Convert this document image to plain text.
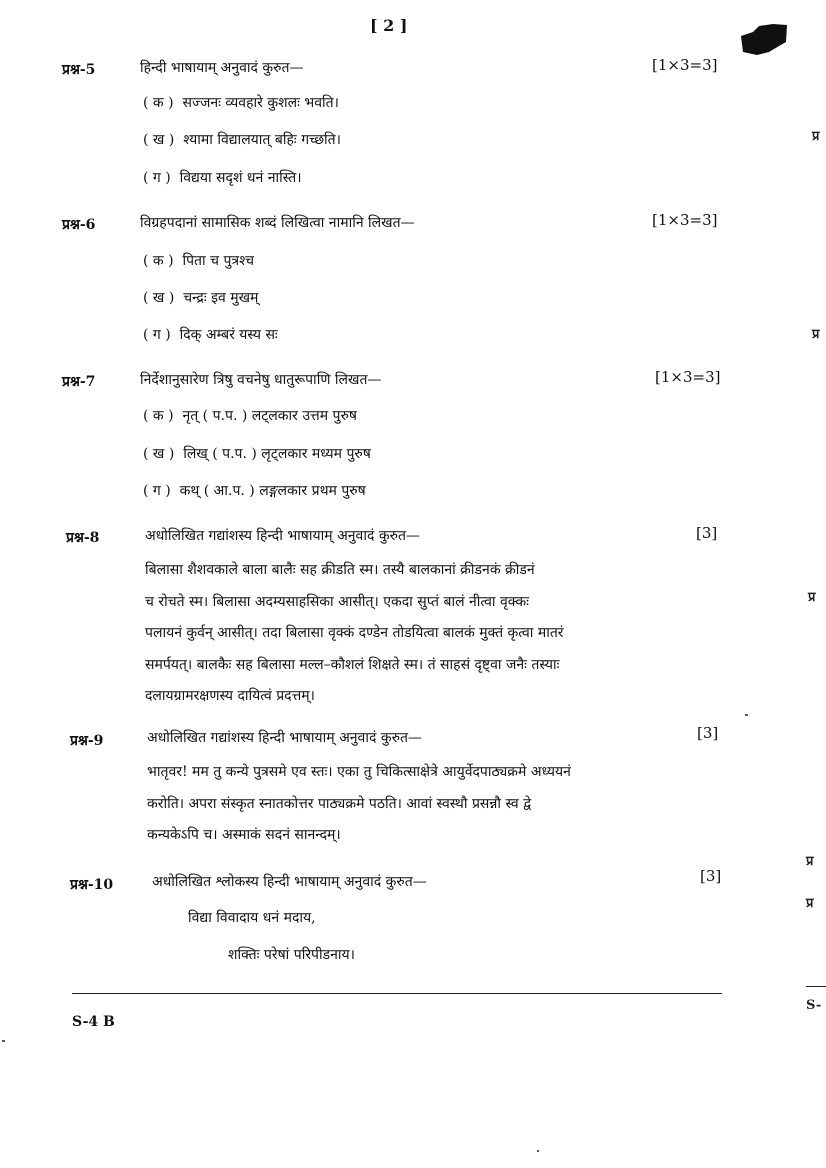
[ 2 ]
प्रश्न-5	हिन्दी भाषायाम् अनुवादं कुरुत—	[1×3=3]
( क ) सज्जनः व्यवहारे कुशलः भवति।
( ख ) श्यामा विद्यालयात् बहिः गच्छति।
( ग ) विद्यया सदृशं धनं नास्ति।
प्रश्न-6	विग्रहपदानां सामासिक शब्दं लिखित्वा नामानि लिखत—	[1×3=3]
( क ) पिता च पुत्रश्च
( ख ) चन्द्रः इव मुखम्
( ग ) दिक् अम्बरं यस्य सः
प्रश्न-7	निर्देशानुसारेण त्रिषु वचनेषु धातुरूपाणि लिखत—	[1×3=3]
( क ) नृत् ( प.प. ) लट्लकार उत्तम पुरुष
( ख ) लिख् ( प.प. ) लृट्लकार मध्यम पुरुष
( ग ) कथ् ( आ.प. ) लङ्गलकार प्रथम पुरुष
प्रश्न-8	अधोलिखित गद्यांशस्य हिन्दी भाषायाम् अनुवादं कुरुत—	[3]
बिलासा शैशवकाले बाला बालैः सह क्रीडति स्म। तस्यै बालकानां क्रीडनकं क्रीडनं
च रोचते स्म। बिलासा अदम्यसाहसिका आसीत्। एकदा सुप्तं बालं नीत्वा वृक्कः
पलायनं कुर्वन् आसीत्। तदा बिलासा वृक्कं दण्डेन तोडयित्वा बालकं मुक्तं कृत्वा मातरं
समर्पयत्। बालकैः सह बिलासा मल्ल–कौशलं शिक्षते स्म। तं साहसं दृष्ट्वा जनैः तस्याः
दलायग्रामरक्षणस्य दायित्वं प्रदत्तम्।
प्रश्न-9	अधोलिखित गद्यांशस्य हिन्दी भाषायाम् अनुवादं कुरुत—	[3]
भातृवर! मम तु कन्ये पुत्रसमे एव स्तः। एका तु चिकित्साक्षेत्रे आयुर्वेदपाठ्यक्रमे अध्ययनं
करोति। अपरा संस्कृत स्नातकोत्तर पाठ्यक्रमे पठति। आवां स्वस्थौ प्रसन्नौ स्व द्वे
कन्यकेऽपि च। अस्माकं सदनं सानन्दम्।
प्रश्न-10	अधोलिखित श्लोकस्य हिन्दी भाषायाम् अनुवादं कुरुत—	[3]
विद्या विवादाय धनं मदाय,
शक्तिः परेषां परिपीडनाय।
S-4 B
प्र
प्र
प्र
प्र
प्र
S-
